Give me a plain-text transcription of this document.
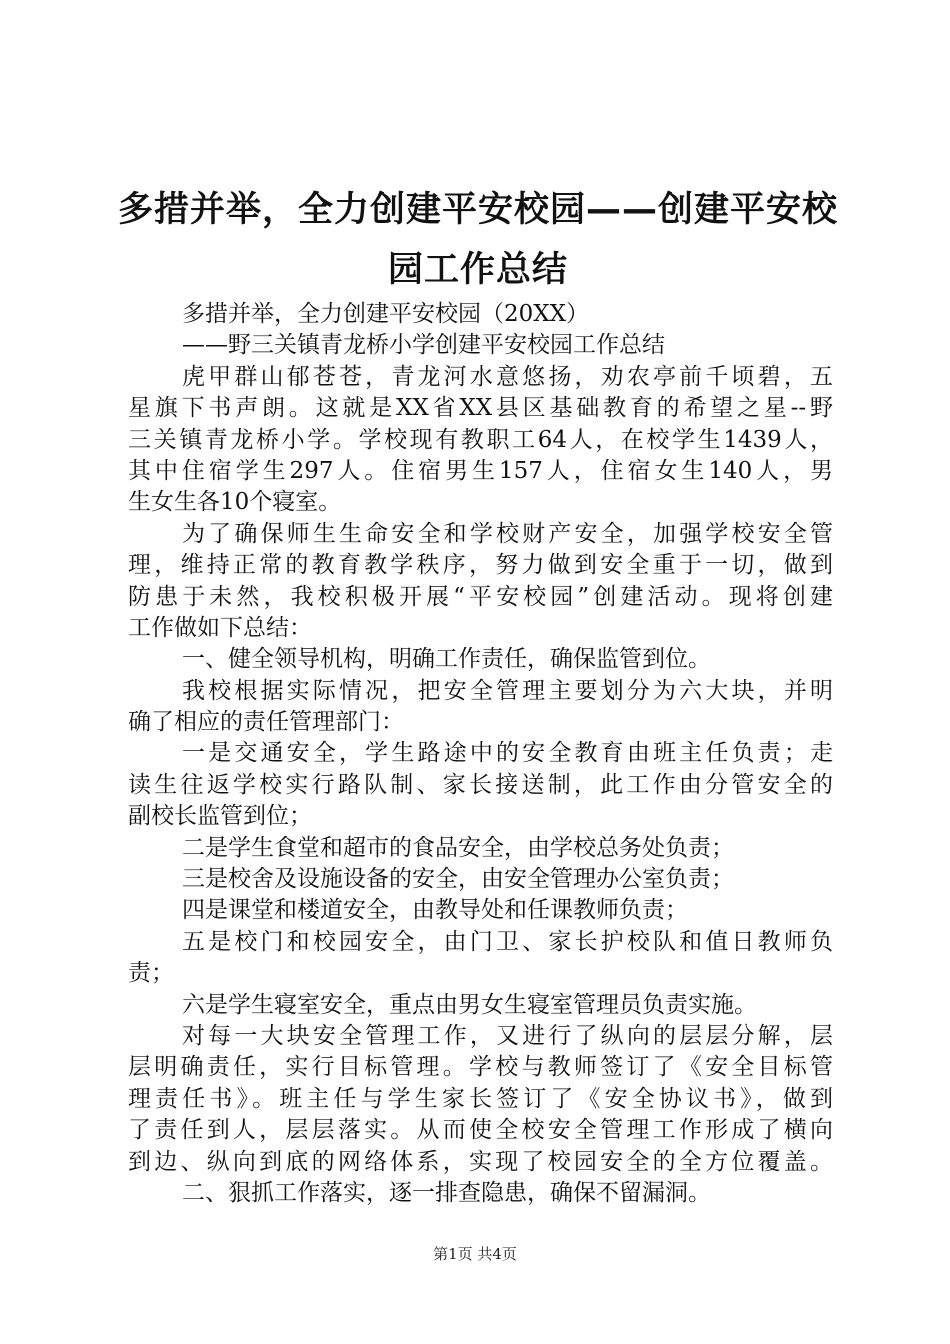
多措并举，全力创建平安校园——创建平安校
园工作总结
多措并举，全力创建平安校园（20XX）
——野三关镇青龙桥小学创建平安校园工作总结
虎甲群山郁苍苍，青龙河水意悠扬，劝农亭前千顷碧，五
星旗下书声朗。这就是XX省XX县区基础教育的希望之星--野
三关镇青龙桥小学。学校现有教职工64人，在校学生1439人，
其中住宿学生297人。住宿男生157人，住宿女生140人，男
生女生各10个寝室。
为了确保师生生命安全和学校财产安全，加强学校安全管
理，维持正常的教育教学秩序，努力做到安全重于一切，做到
防患于未然，我校积极开展“平安校园”创建活动。现将创建
工作做如下总结：
一、健全领导机构，明确工作责任，确保监管到位。
我校根据实际情况，把安全管理主要划分为六大块，并明
确了相应的责任管理部门：
一是交通安全，学生路途中的安全教育由班主任负责；走
读生往返学校实行路队制、家长接送制，此工作由分管安全的
副校长监管到位；
二是学生食堂和超市的食品安全，由学校总务处负责；
三是校舍及设施设备的安全，由安全管理办公室负责；
四是课堂和楼道安全，由教导处和任课教师负责；
五是校门和校园安全，由门卫、家长护校队和值日教师负
责；
六是学生寝室安全，重点由男女生寝室管理员负责实施。
对每一大块安全管理工作，又进行了纵向的层层分解，层
层明确责任，实行目标管理。学校与教师签订了《安全目标管
理责任书》。班主任与学生家长签订了《安全协议书》，做到
了责任到人，层层落实。从而使全校安全管理工作形成了横向
到边、纵向到底的网络体系，实现了校园安全的全方位覆盖。
二、狠抓工作落实，逐一排查隐患，确保不留漏洞。
第1页 共4页
